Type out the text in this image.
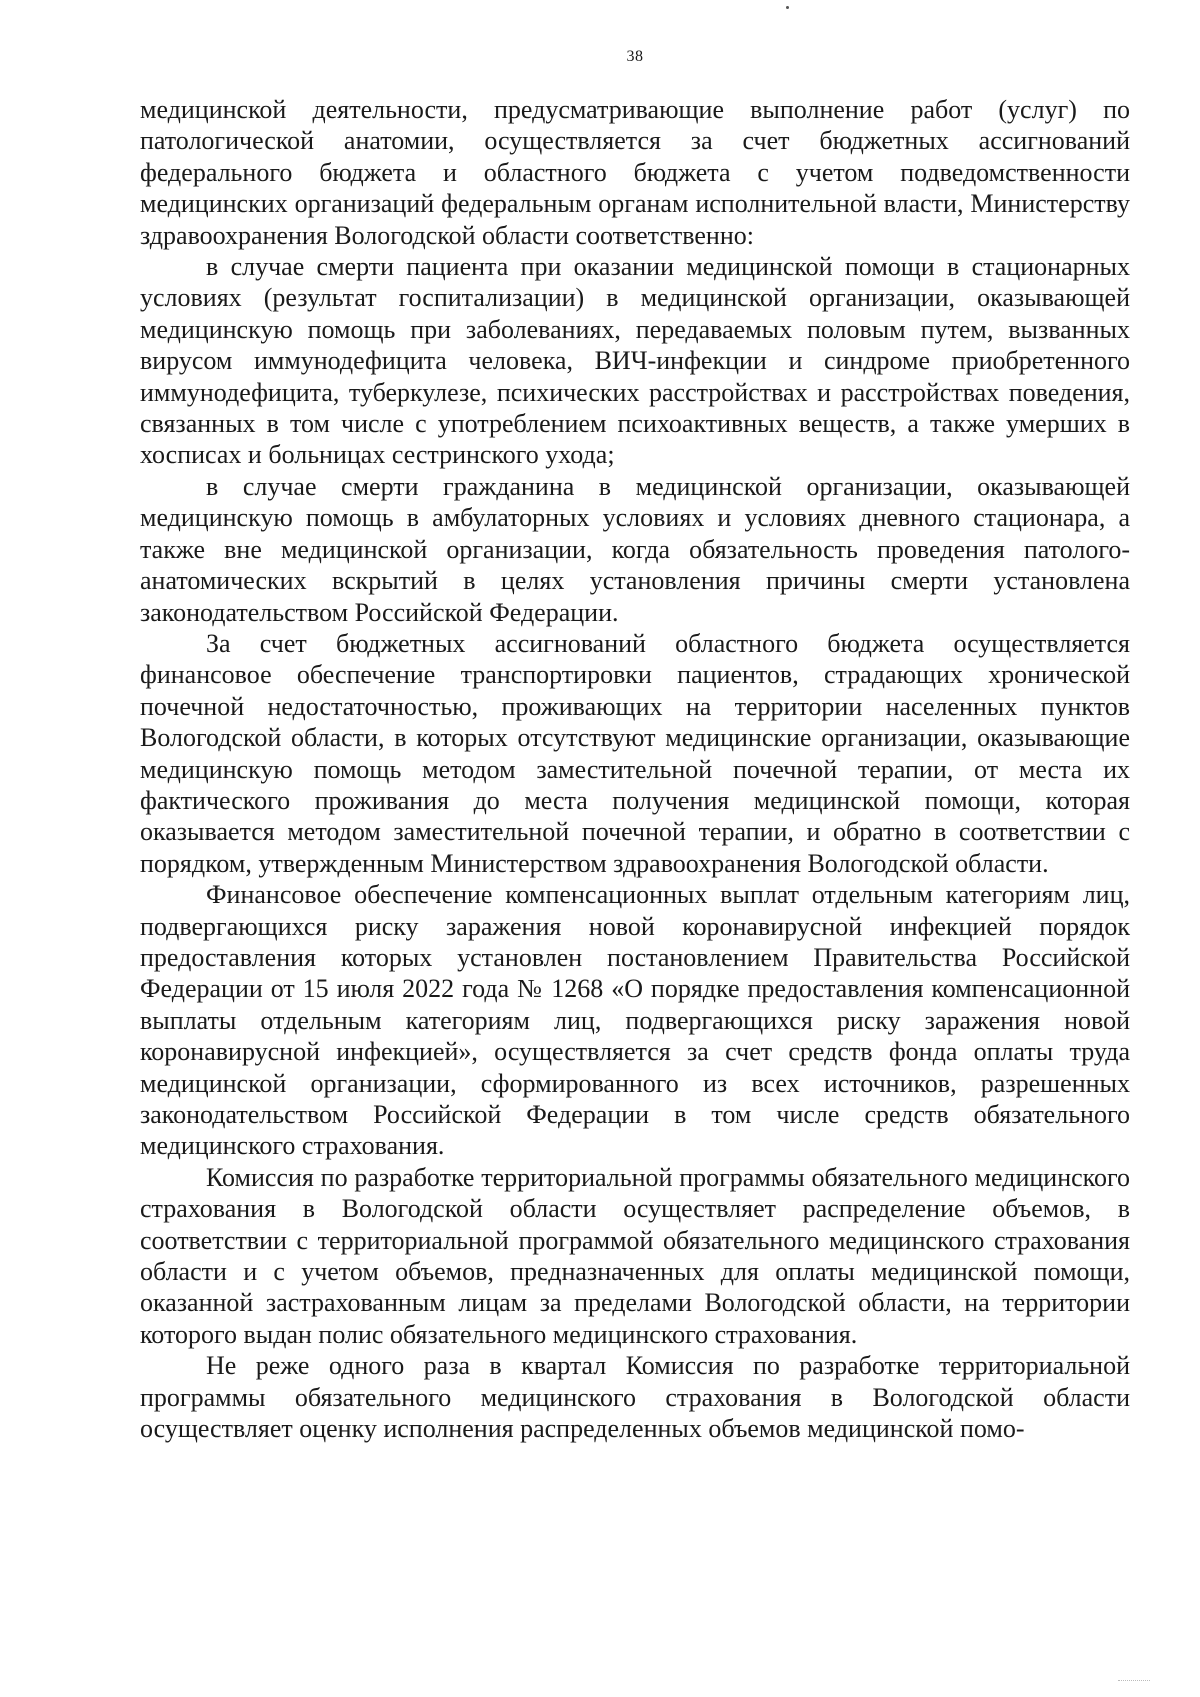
38

медицинской деятельности, предусматривающие выполнение работ (услуг) по патологической анатомии, осуществляется за счет бюджетных ассигнований федерального бюджета и областного бюджета с учетом подведомственности медицинских организаций федеральным органам исполнительной власти, Министерству здравоохранения Вологодской области соответственно:

в случае смерти пациента при оказании медицинской помощи в стационарных условиях (результат госпитализации) в медицинской организации, оказывающей медицинскую помощь при заболеваниях, передаваемых половым путем, вызванных вирусом иммунодефицита человека, ВИЧ-инфекции и синдроме приобретенного иммунодефицита, туберкулезе, психических расстройствах и расстройствах поведения, связанных в том числе с употреблением психоактивных веществ, а также умерших в хосписах и больницах сестринского ухода;

в случае смерти гражданина в медицинской организации, оказывающей медицинскую помощь в амбулаторных условиях и условиях дневного стационара, а также вне медицинской организации, когда обязательность проведения патолого-анатомических вскрытий в целях установления причины смерти установлена законодательством Российской Федерации.

За счет бюджетных ассигнований областного бюджета осуществляется финансовое обеспечение транспортировки пациентов, страдающих хронической почечной недостаточностью, проживающих на территории населенных пунктов Вологодской области, в которых отсутствуют медицинские организации, оказывающие медицинскую помощь методом заместительной почечной терапии, от места их фактического проживания до места получения медицинской помощи, которая оказывается методом заместительной почечной терапии, и обратно в соответствии с порядком, утвержденным Министерством здравоохранения Вологодской области.

Финансовое обеспечение компенсационных выплат отдельным категориям лиц, подвергающихся риску заражения новой коронавирусной инфекцией порядок предоставления которых установлен постановлением Правительства Российской Федерации от 15 июля 2022 года № 1268 «О порядке предоставления компенсационной выплаты отдельным категориям лиц, подвергающихся риску заражения новой коронавирусной инфекцией», осуществляется за счет средств фонда оплаты труда медицинской организации, сформированного из всех источников, разрешенных законодательством Российской Федерации в том числе средств обязательного медицинского страхования.

Комиссия по разработке территориальной программы обязательного медицинского страхования в Вологодской области осуществляет распределение объемов, в соответствии с территориальной программой обязательного медицинского страхования области и с учетом объемов, предназначенных для оплаты медицинской помощи, оказанной застрахованным лицам за пределами Вологодской области, на территории которого выдан полис обязательного медицинского страхования.

Не реже одного раза в квартал Комиссия по разработке территориальной программы обязательного медицинского страхования в Вологодской области осуществляет оценку исполнения распределенных объемов медицинской помо-
